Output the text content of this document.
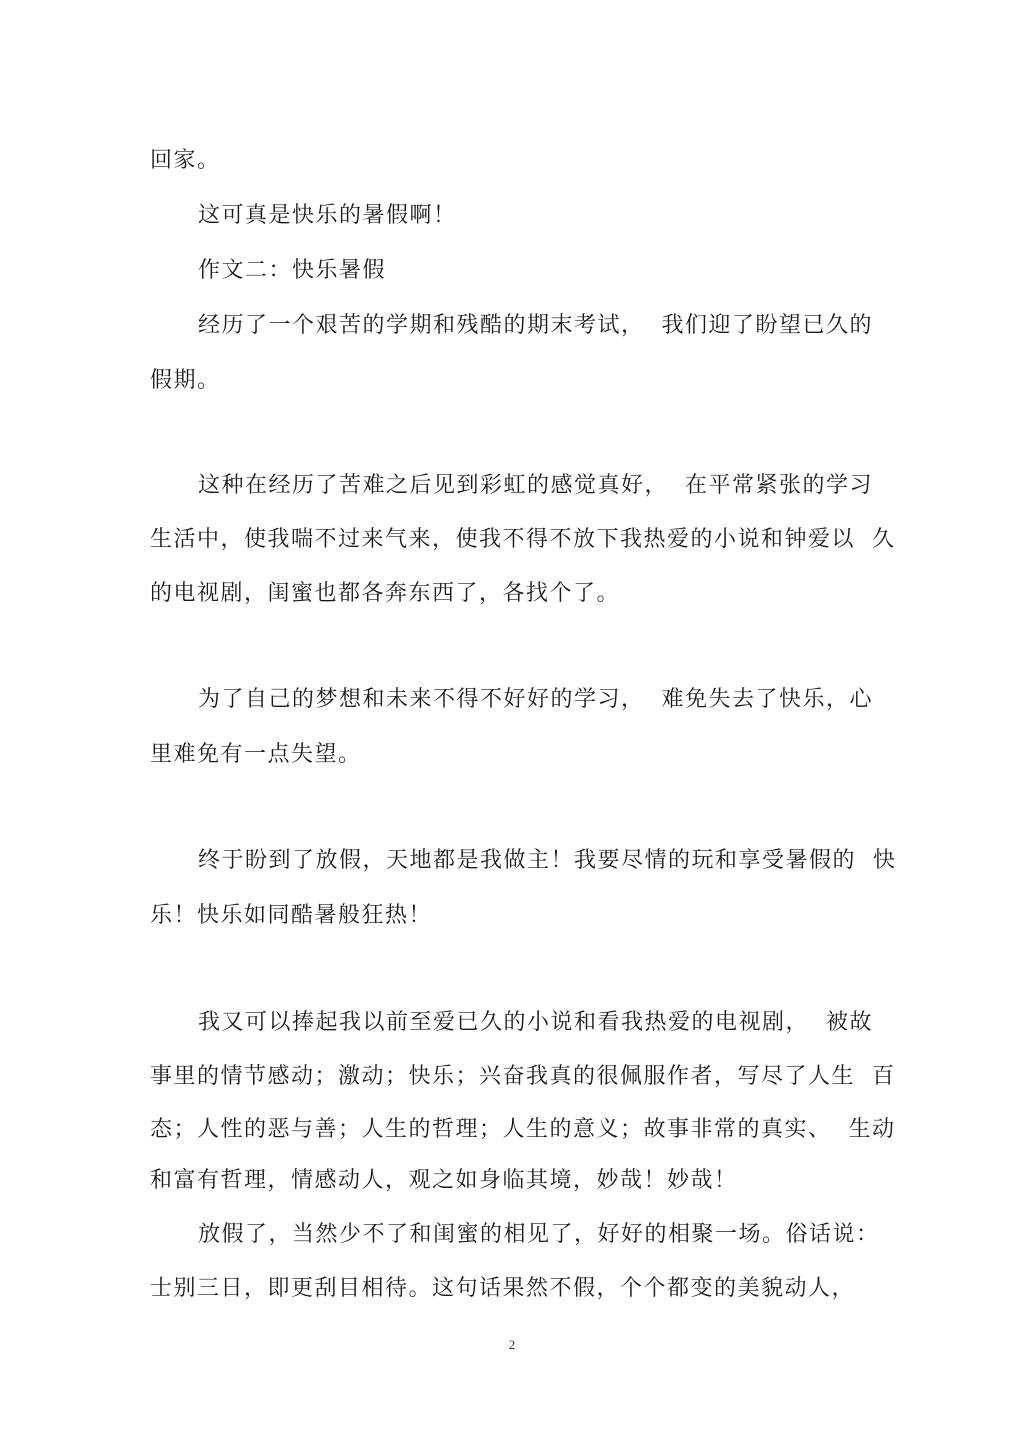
回家。
这可真是快乐的暑假啊！
作文二：快乐暑假
经历了一个艰苦的学期和残酷的期末考试，  我们迎了盼望已久的
假期。
这种在经历了苦难之后见到彩虹的感觉真好，  在平常紧张的学习
生活中，使我喘不过来气来，使我不得不放下我热爱的小说和钟爱以  久
的电视剧，闺蜜也都各奔东西了，各找个了。
为了自己的梦想和未来不得不好好的学习，  难免失去了快乐，心
里难免有一点失望。
终于盼到了放假，天地都是我做主！我要尽情的玩和享受暑假的  快
乐！快乐如同酷暑般狂热！
我又可以捧起我以前至爱已久的小说和看我热爱的电视剧，  被故
事里的情节感动；激动；快乐；兴奋我真的很佩服作者，写尽了人生  百
态；人性的恶与善；人生的哲理；人生的意义；故事非常的真实、  生动
和富有哲理，情感动人，观之如身临其境，妙哉！妙哉！
放假了，当然少不了和闺蜜的相见了，好好的相聚一场。俗话说：
士别三日，即更刮目相待。这句话果然不假，个个都变的美貌动人，
2
